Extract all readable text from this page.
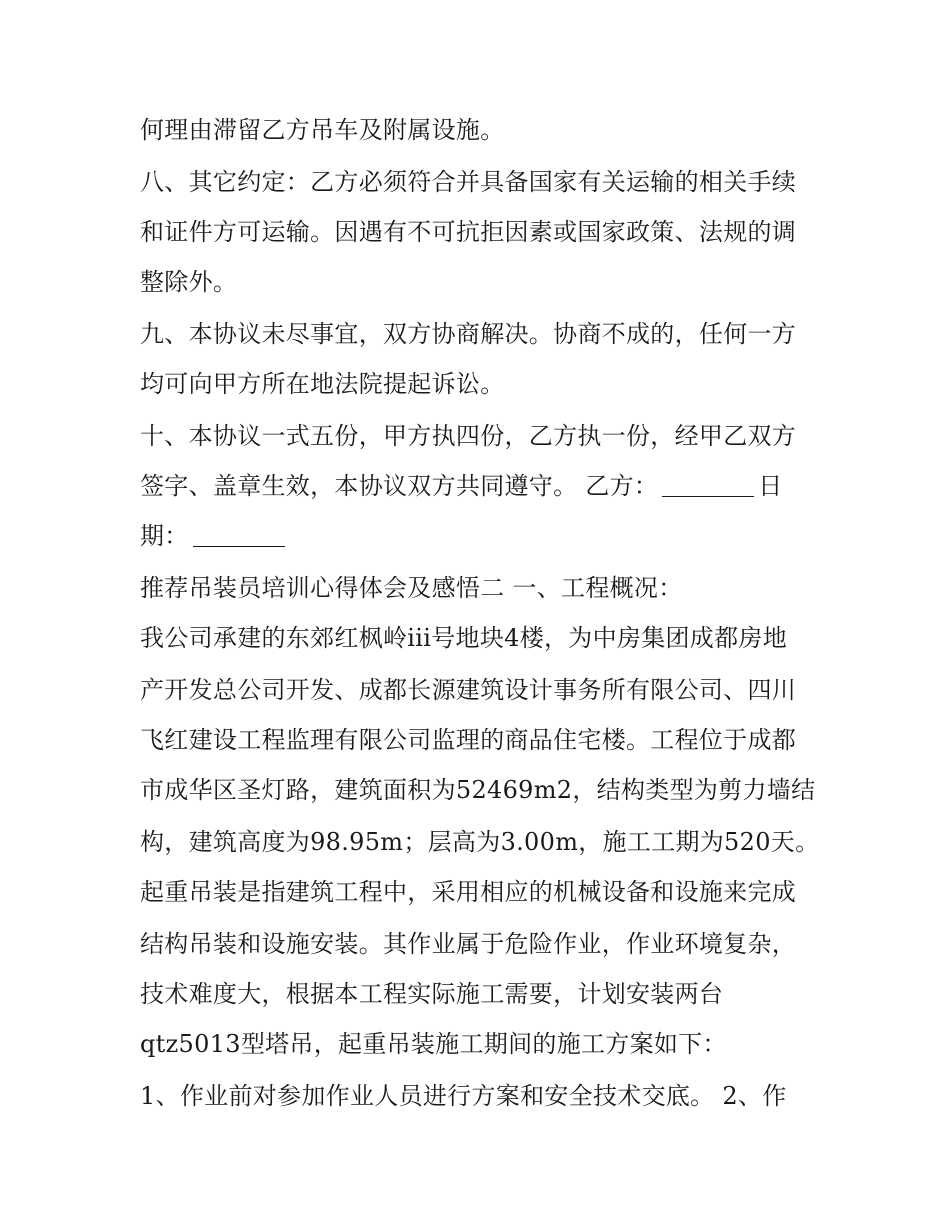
何理由滞留乙方吊车及附属设施。
八、其它约定：乙方必须符合并具备国家有关运输的相关手续
和证件方可运输。因遇有不可抗拒因素或国家政策、法规的调
整除外。
九、本协议未尽事宜，双方协商解决。协商不成的，任何一方
均可向甲方所在地法院提起诉讼。
十、本协议一式五份，甲方执四份，乙方执一份，经甲乙双方
签字、盖章生效，本协议双方共同遵守。 乙方：	日
期：
推荐吊装员培训心得体会及感悟二 一、工程概况：
我公司承建的东郊红枫岭iii号地块4楼，为中房集团成都房地
产开发总公司开发、成都长源建筑设计事务所有限公司、四川
飞红建设工程监理有限公司监理的商品住宅楼。工程位于成都
市成华区圣灯路，建筑面积为52469m2，结构类型为剪力墙结
构，建筑高度为98.95m；层高为3.00m，施工工期为520天。
起重吊装是指建筑工程中，采用相应的机械设备和设施来完成
结构吊装和设施安装。其作业属于危险作业，作业环境复杂，
技术难度大，根据本工程实际施工需要，计划安装两台
qtz5013型塔吊，起重吊装施工期间的施工方案如下：
1、作业前对参加作业人员进行方案和安全技术交底。 2、作
